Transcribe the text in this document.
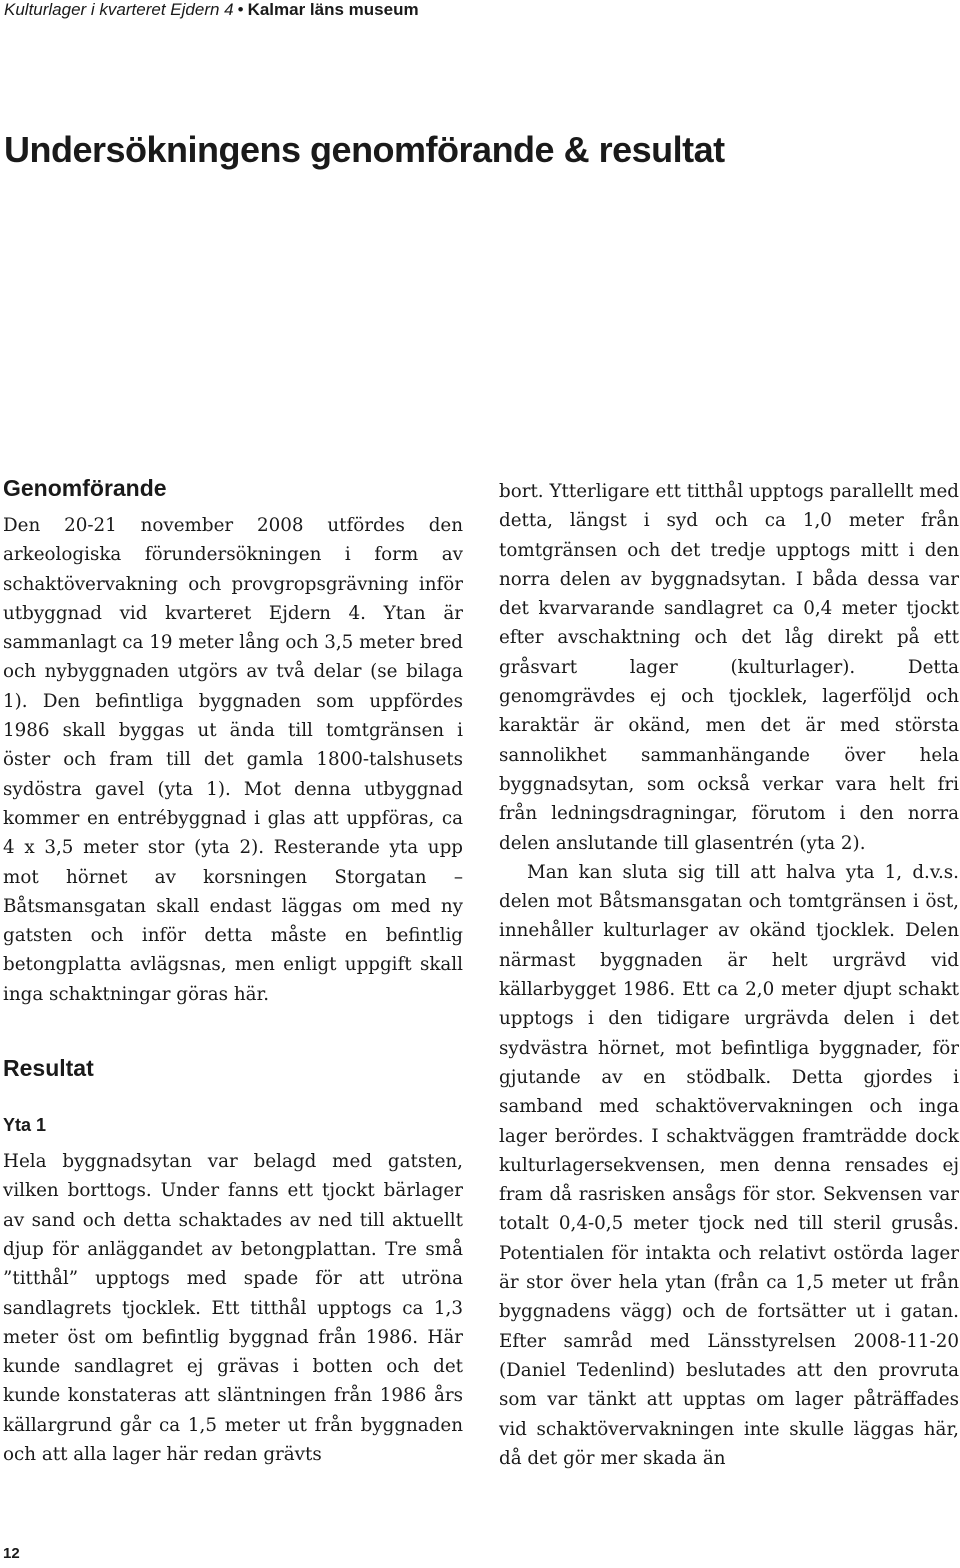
Kulturlager i kvarteret Ejdern 4 • Kalmar läns museum
Undersökningens genomförande & resultat
Genomförande

Den 20-21 november 2008 utfördes den arkeologiska förundersökningen i form av schaktövervakning och provgropsgrävning inför utbyggnad vid kvarteret Ejdern 4. Ytan är sammanlagt ca 19 meter lång och 3,5 meter bred och nybyggnaden utgörs av två delar (se bilaga 1). Den befintliga byggnaden som uppfördes 1986 skall byggas ut ända till tomtgränsen i öster och fram till det gamla 1800-talshusets sydöstra gavel (yta 1). Mot denna utbyggnad kommer en entrébyggnad i glas att uppföras, ca 4 x 3,5 meter stor (yta 2). Resterande yta upp mot hörnet av korsningen Storgatan – Båtsmansgatan skall endast läggas om med ny gatsten och inför detta måste en befintlig betongplatta avlägsnas, men enligt uppgift skall inga schaktningar göras här.

Resultat
Yta 1

Hela byggnadsytan var belagd med gatsten, vilken borttogs. Under fanns ett tjockt bärlager av sand och detta schaktades av ned till aktuellt djup för anläggandet av betongplattan. Tre små ”titthål” upptogs med spade för att utröna sandlagrets tjocklek. Ett titthål upptogs ca 1,3 meter öst om befintlig byggnad från 1986. Här kunde sandlagret ej grävas i botten och det kunde konstateras att släntningen från 1986 års källargrund går ca 1,5 meter ut från byggnaden och att alla lager här redan grävts

bort. Ytterligare ett titthål upptogs parallellt med detta, längst i syd och ca 1,0 meter från tomtgränsen och det tredje upptogs mitt i den norra delen av byggnadsytan. I båda dessa var det kvarvarande sandlagret ca 0,4 meter tjockt efter avschaktning och det låg direkt på ett gråsvart lager (kulturlager). Detta genomgrävdes ej och tjocklek, lagerföljd och karaktär är okänd, men det är med största sannolikhet sammanhängande över hela byggnadsytan, som också verkar vara helt fri från ledningsdragningar, förutom i den norra delen anslutande till glasentrén (yta 2).

Man kan sluta sig till att halva yta 1, d.v.s. delen mot Båtsmansgatan och tomtgränsen i öst, innehåller kulturlager av okänd tjocklek. Delen närmast byggnaden är helt urgrävd vid källarbygget 1986. Ett ca 2,0 meter djupt schakt upptogs i den tidigare urgrävda delen i det sydvästra hörnet, mot befintliga byggnader, för gjutande av en stödbalk. Detta gjordes i samband med schaktövervakningen och inga lager berördes. I schaktväggen framträdde dock kulturlagersekvensen, men denna rensades ej fram då rasrisken ansågs för stor. Sekvensen var totalt 0,4-0,5 meter tjock ned till steril grusås. Potentialen för intakta och relativt ostörda lager är stor över hela ytan (från ca 1,5 meter ut från byggnadens vägg) och de fortsätter ut i gatan. Efter samråd med Länsstyrelsen 2008-11-20 (Daniel Tedenlind) beslutades att den provruta som var tänkt att upptas om lager påträffades vid schaktövervakningen inte skulle läggas här, då det gör mer skada än

12
